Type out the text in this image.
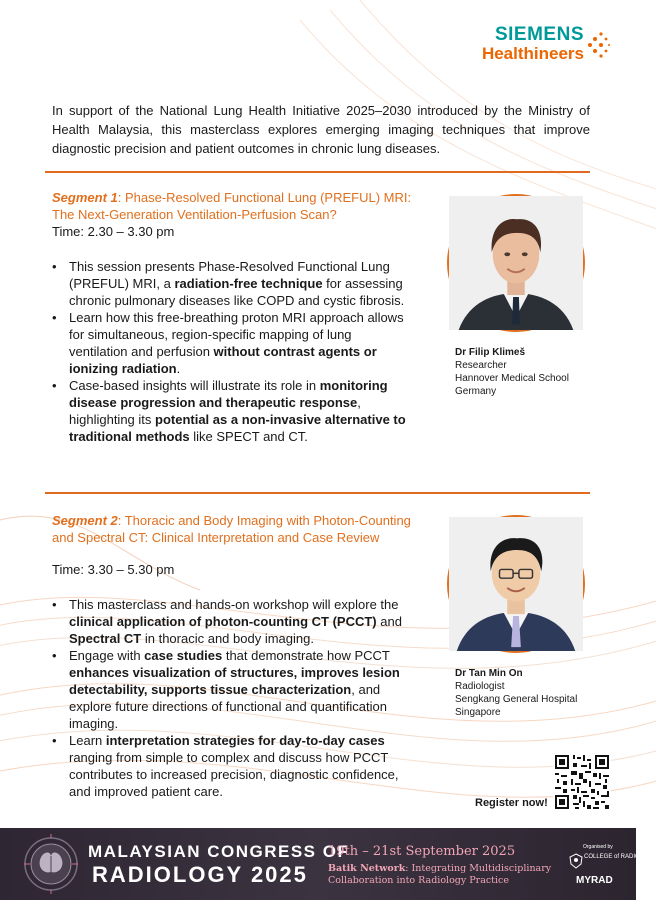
SIEMENS
Healthineers

In support of the National Lung Health Initiative 2025–2030 introduced by the Ministry of Health Malaysia, this masterclass explores emerging imaging techniques that improve diagnostic precision and patient outcomes in chronic lung diseases.

Segment 1: Phase-Resolved Functional Lung (PREFUL) MRI: The Next-Generation Ventilation-Perfusion Scan?
Time: 2.30 – 3.30 pm
• This session presents Phase-Resolved Functional Lung (PREFUL) MRI, a radiation-free technique for assessing chronic pulmonary diseases like COPD and cystic fibrosis.
• Learn how this free-breathing proton MRI approach allows for simultaneous, region-specific mapping of lung ventilation and perfusion without contrast agents or ionizing radiation.
• Case-based insights will illustrate its role in monitoring disease progression and therapeutic response, highlighting its potential as a non-invasive alternative to traditional methods like SPECT and CT.
Dr Filip Klimeš
Researcher
Hannover Medical School
Germany
Segment 2: Thoracic and Body Imaging with Photon-Counting and Spectral CT: Clinical Interpretation and Case Review
Time: 3.30 – 5.30 pm
• This masterclass and hands-on workshop will explore the clinical application of photon-counting CT (PCCT) and Spectral CT in thoracic and body imaging.
• Engage with case studies that demonstrate how PCCT enhances visualization of structures, improves lesion detectability, supports tissue characterization, and explore future directions of functional and quantification imaging.
• Learn interpretation strategies for day-to-day cases ranging from simple to complex and discuss how PCCT contributes to increased precision, diagnostic confidence, and improved patient care.
Dr Tan Min On
Radiologist
Sengkang General Hospital
Singapore
Register now!
MALAYSIAN CONGRESS OF
RADIOLOGY 2025
19th – 21st September 2025
Batik Network: Integrating Multidisciplinary Collaboration into Radiology Practice
Organised by
COLLEGE of RADIOLOGY
MYRAD
